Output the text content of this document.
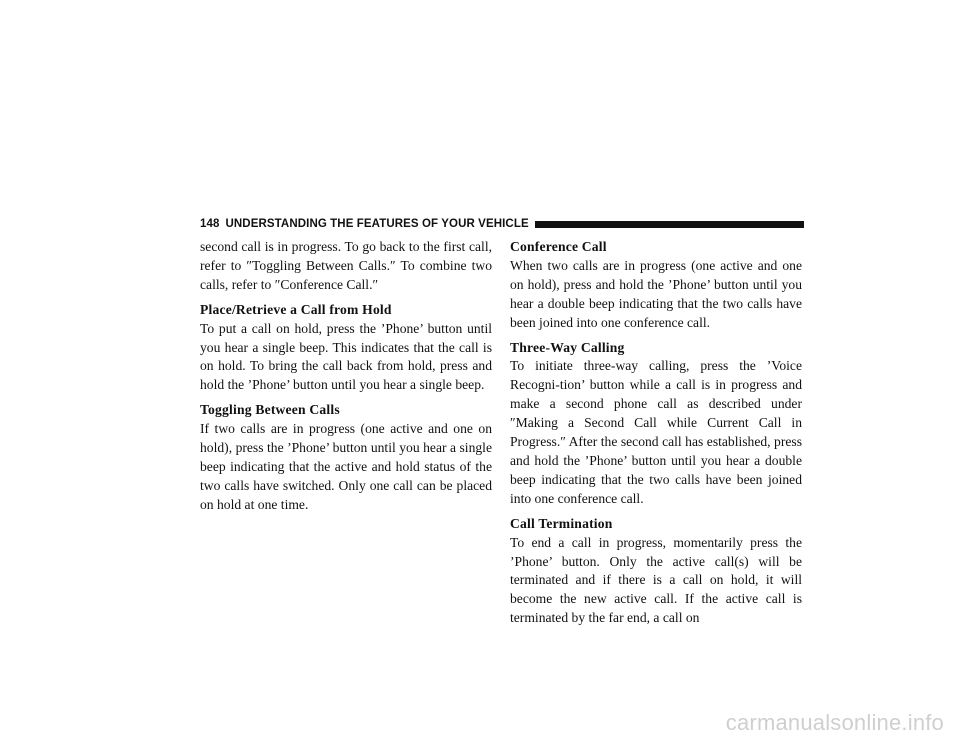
148 UNDERSTANDING THE FEATURES OF YOUR VEHICLE

second call is in progress. To go back to the first call, refer to ″Toggling Between Calls.″ To combine two calls, refer to ″Conference Call.″

Place/Retrieve a Call from Hold

To put a call on hold, press the ’Phone’ button until you hear a single beep. This indicates that the call is on hold. To bring the call back from hold, press and hold the ’Phone’ button until you hear a single beep.

Toggling Between Calls

If two calls are in progress (one active and one on hold), press the ’Phone’ button until you hear a single beep indicating that the active and hold status of the two calls have switched. Only one call can be placed on hold at one time.

Conference Call

When two calls are in progress (one active and one on hold), press and hold the ’Phone’ button until you hear a double beep indicating that the two calls have been joined into one conference call.

Three-Way Calling

To initiate three-way calling, press the ’Voice Recogni-tion’ button while a call is in progress and make a second phone call as described under ″Making a Second Call while Current Call in Progress.″ After the second call has established, press and hold the ’Phone’ button until you hear a double beep indicating that the two calls have been joined into one conference call.

Call Termination

To end a call in progress, momentarily press the ’Phone’ button. Only the active call(s) will be terminated and if there is a call on hold, it will become the new active call. If the active call is terminated by the far end, a call on

carmanualsonline.info
